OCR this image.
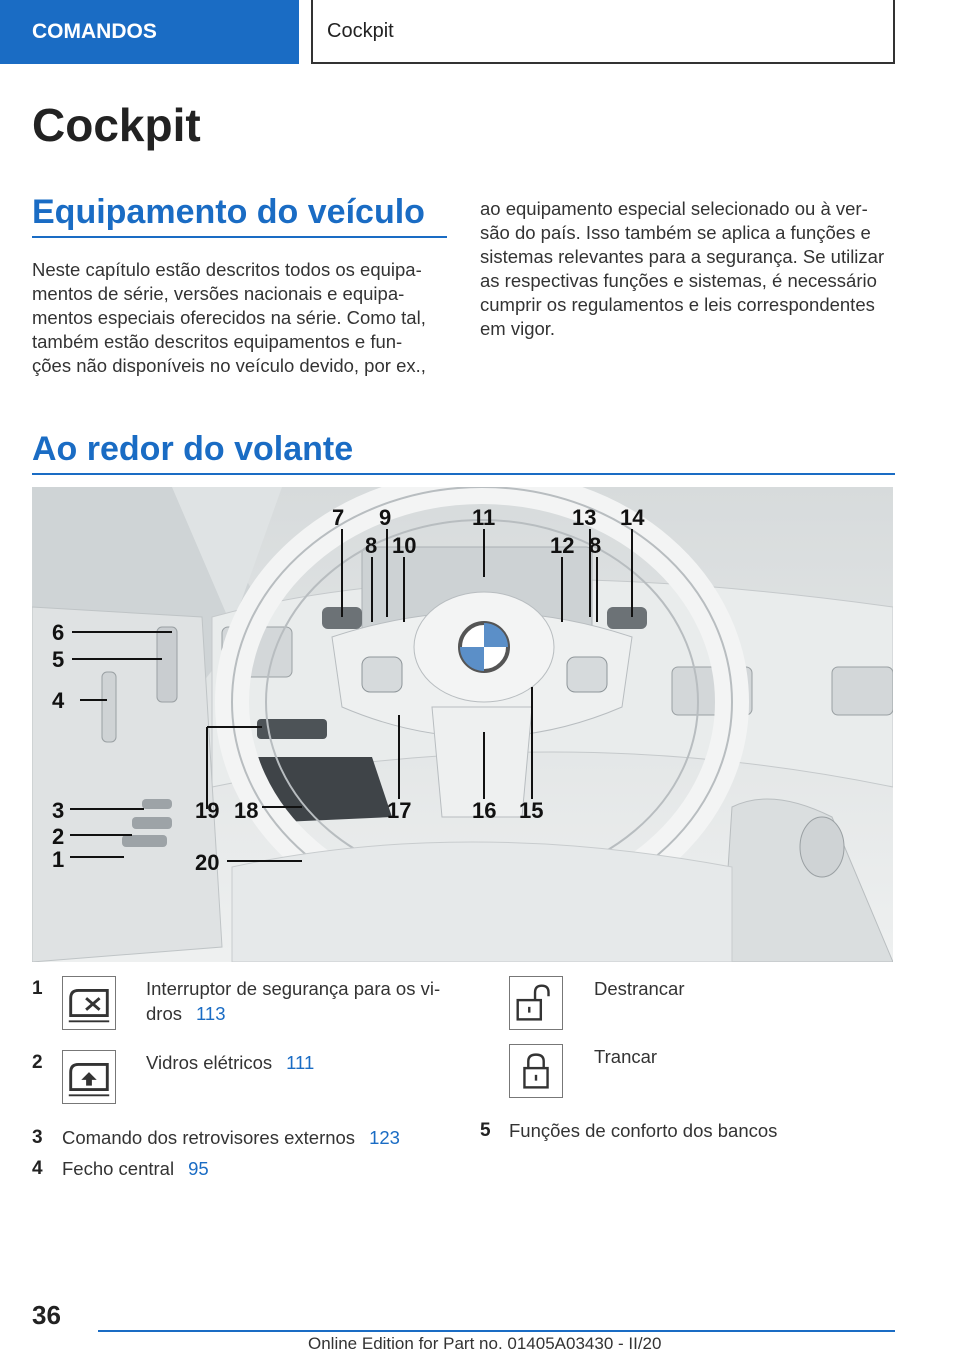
COMANDOS	Cockpit
Cockpit
Equipamento do veículo
Neste capítulo estão descritos todos os equipa-
mentos de série, versões nacionais e equipa-
mentos especiais oferecidos na série. Como tal,
também estão descritos equipamentos e fun-
ções não disponíveis no veículo devido, por ex.,
ao equipamento especial selecionado ou à ver-
são do país. Isso também se aplica a funções e
sistemas relevantes para a segurança. Se utilizar
as respectivas funções e sistemas, é necessário
cumprir os regulamentos e leis correspondentes
em vigor.
Ao redor do volante
7 9	11	13 14
8 10	12 8
6
5
4
3
2
1
19 18	17	16 15
20
1	Interruptor de segurança para os vi-
dros 113
2	Vidros elétricos 111
3 Comando dos retrovisores externos 123
4 Fecho central 95
Destrancar
Trancar
5 Funções de conforto dos bancos
36
Online Edition for Part no. 01405A03430 - II/20
